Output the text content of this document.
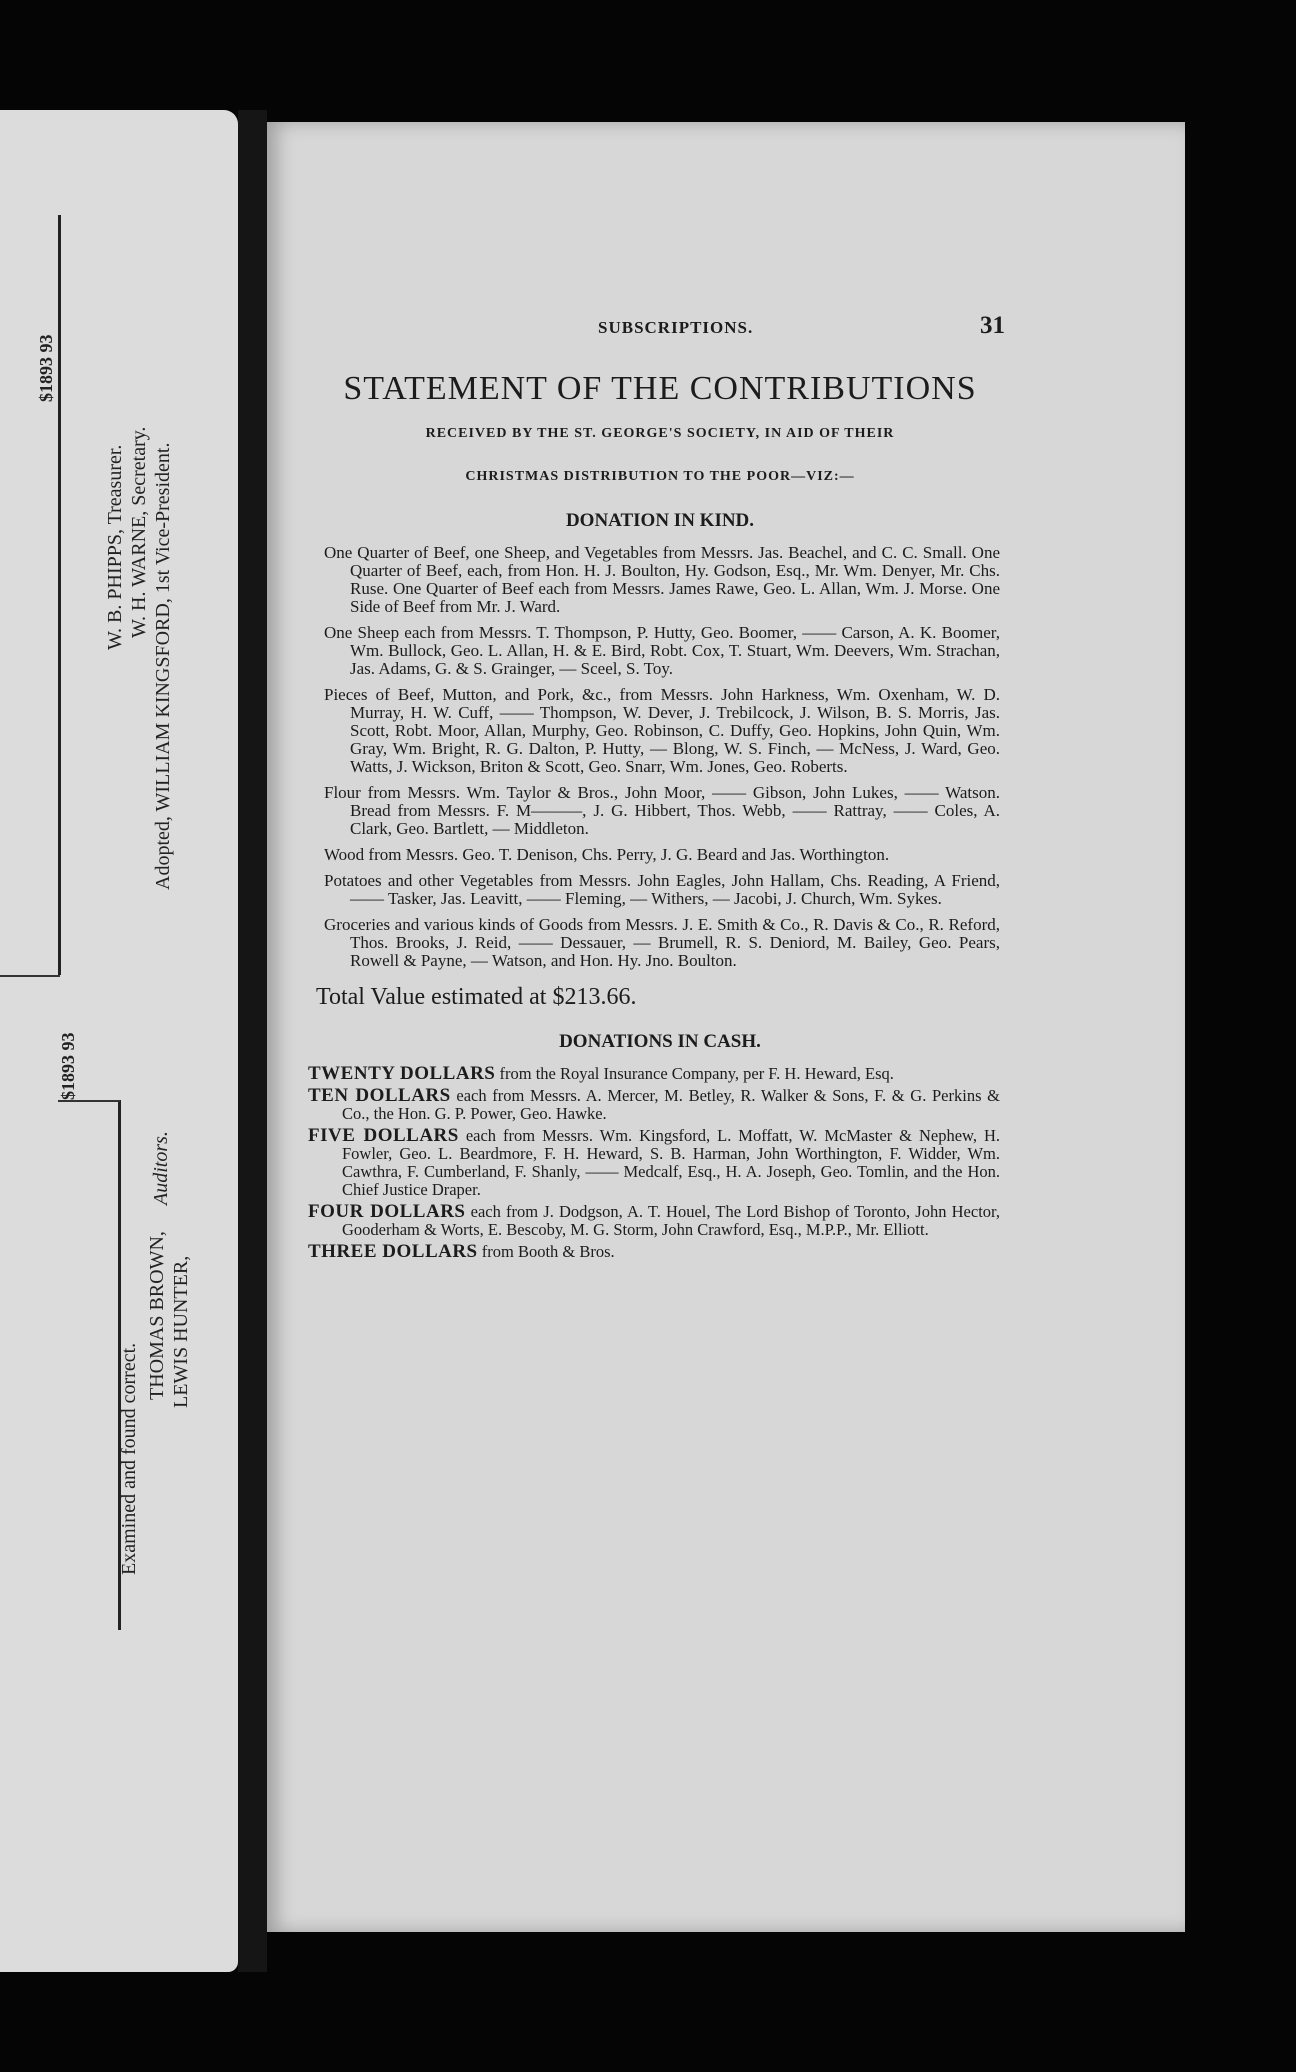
$1893 93
W. B. PHIPPS, Treasurer. W. H. WARNE, Secretary. Adopted, WILLIAM KINGSFORD, 1st Vice-President.
$1893 93
Examined and found correct.
THOMAS BROWN, LEWIS HUNTER,
Auditors.
SUBSCRIPTIONS.	31
STATEMENT OF THE CONTRIBUTIONS
RECEIVED BY THE ST. GEORGE'S SOCIETY, IN AID OF THEIR
CHRISTMAS DISTRIBUTION TO THE POOR—VIZ:—
DONATION IN KIND.

One Quarter of Beef, one Sheep, and Vegetables from Messrs. Jas. Beachel, and C. C. Small. One Quarter of Beef, each, from Hon. H. J. Boulton, Hy. Godson, Esq., Mr. Wm. Denyer, Mr. Chs. Ruse. One Quarter of Beef each from Messrs. James Rawe, Geo. L. Allan, Wm. J. Morse. One Side of Beef from Mr. J. Ward.

One Sheep each from Messrs. T. Thompson, P. Hutty, Geo. Boomer, —— Carson, A. K. Boomer, Wm. Bullock, Geo. L. Allan, H. & E. Bird, Robt. Cox, T. Stuart, Wm. Deevers, Wm. Strachan, Jas. Adams, G. & S. Grainger, — Sceel, S. Toy.

Pieces of Beef, Mutton, and Pork, &c., from Messrs. John Harkness, Wm. Oxenham, W. D. Murray, H. W. Cuff, —— Thompson, W. Dever, J. Trebilcock, J. Wilson, B. S. Morris, Jas. Scott, Robt. Moor, Allan, Murphy, Geo. Robinson, C. Duffy, Geo. Hopkins, John Quin, Wm. Gray, Wm. Bright, R. G. Dalton, P. Hutty, — Blong, W. S. Finch, — McNess, J. Ward, Geo. Watts, J. Wickson, Briton & Scott, Geo. Snarr, Wm. Jones, Geo. Roberts.

Flour from Messrs. Wm. Taylor & Bros., John Moor, —— Gibson, John Lukes, —— Watson. Bread from Messrs. F. M———, J. G. Hibbert, Thos. Webb, —— Rattray, —— Coles, A. Clark, Geo. Bartlett, — Middleton.

Wood from Messrs. Geo. T. Denison, Chs. Perry, J. G. Beard and Jas. Worthington.

Potatoes and other Vegetables from Messrs. John Eagles, John Hallam, Chs. Reading, A Friend, —— Tasker, Jas. Leavitt, —— Fleming, — Withers, — Jacobi, J. Church, Wm. Sykes.

Groceries and various kinds of Goods from Messrs. J. E. Smith & Co., R. Davis & Co., R. Reford, Thos. Brooks, J. Reid, —— Dessauer, — Brumell, R. S. Deniord, M. Bailey, Geo. Pears, Rowell & Payne, — Watson, and Hon. Hy. Jno. Boulton.

Total Value estimated at $213.66.
DONATIONS IN CASH.

TWENTY DOLLARS from the Royal Insurance Company, per F. H. Heward, Esq.

TEN DOLLARS each from Messrs. A. Mercer, M. Betley, R. Walker & Sons, F. & G. Perkins & Co., the Hon. G. P. Power, Geo. Hawke.

FIVE DOLLARS each from Messrs. Wm. Kingsford, L. Moffatt, W. McMaster & Nephew, H. Fowler, Geo. L. Beardmore, F. H. Heward, S. B. Harman, John Worthington, F. Widder, Wm. Cawthra, F. Cumberland, F. Shanly, —— Medcalf, Esq., H. A. Joseph, Geo. Tomlin, and the Hon. Chief Justice Draper.

FOUR DOLLARS each from J. Dodgson, A. T. Houel, The Lord Bishop of Toronto, John Hector, Gooderham & Worts, E. Bescoby, M. G. Storm, John Crawford, Esq., M.P.P., Mr. Elliott.

THREE DOLLARS from Booth & Bros.
